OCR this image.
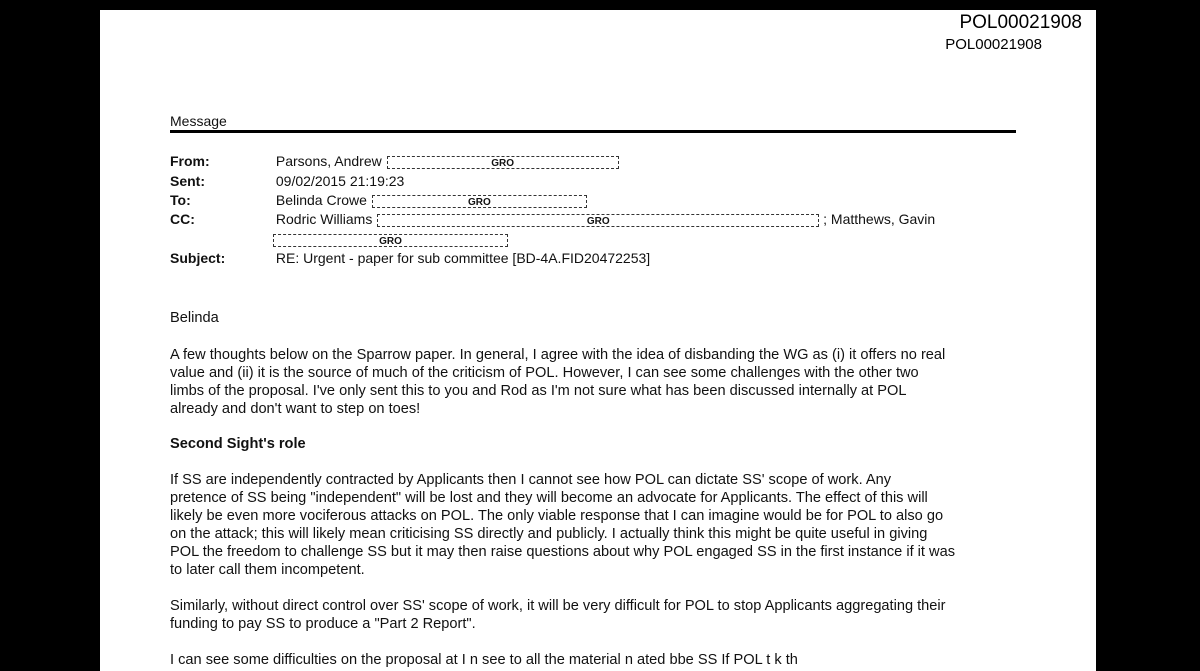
POL00021908
POL00021908
Message
From:	Parsons, Andrew	GRO
Sent:	09/02/2015 21:19:23
To:	Belinda Crowe	GRO
CC:	Rodric Williams	GRO	; Matthews, Gavin
GRO
Subject:	RE: Urgent - paper for sub committee [BD-4A.FID20472253]
Belinda
A few thoughts below on the Sparrow paper. In general, I agree with the idea of disbanding the WG as (i) it offers no real
value and (ii) it is the source of much of the criticism of POL. However, I can see some challenges with the other two
limbs of the proposal. I've only sent this to you and Rod as I'm not sure what has been discussed internally at POL
already and don't want to step on toes!
Second Sight's role
If SS are independently contracted by Applicants then I cannot see how POL can dictate SS' scope of work. Any
pretence of SS being "independent" will be lost and they will become an advocate for Applicants. The effect of this will
likely be even more vociferous attacks on POL. The only viable response that I can imagine would be for POL to also go
on the attack; this will likely mean criticising SS directly and publicly. I actually think this might be quite useful in giving
POL the freedom to challenge SS but it may then raise questions about why POL engaged SS in the first instance if it was
to later call them incompetent.
Similarly, without direct control over SS' scope of work, it will be very difficult for POL to stop Applicants aggregating their
funding to pay SS to produce a "Part 2 Report".
I can see some difficulties on the proposal at I n see to all the material n ated bbe SS If POL t k th
